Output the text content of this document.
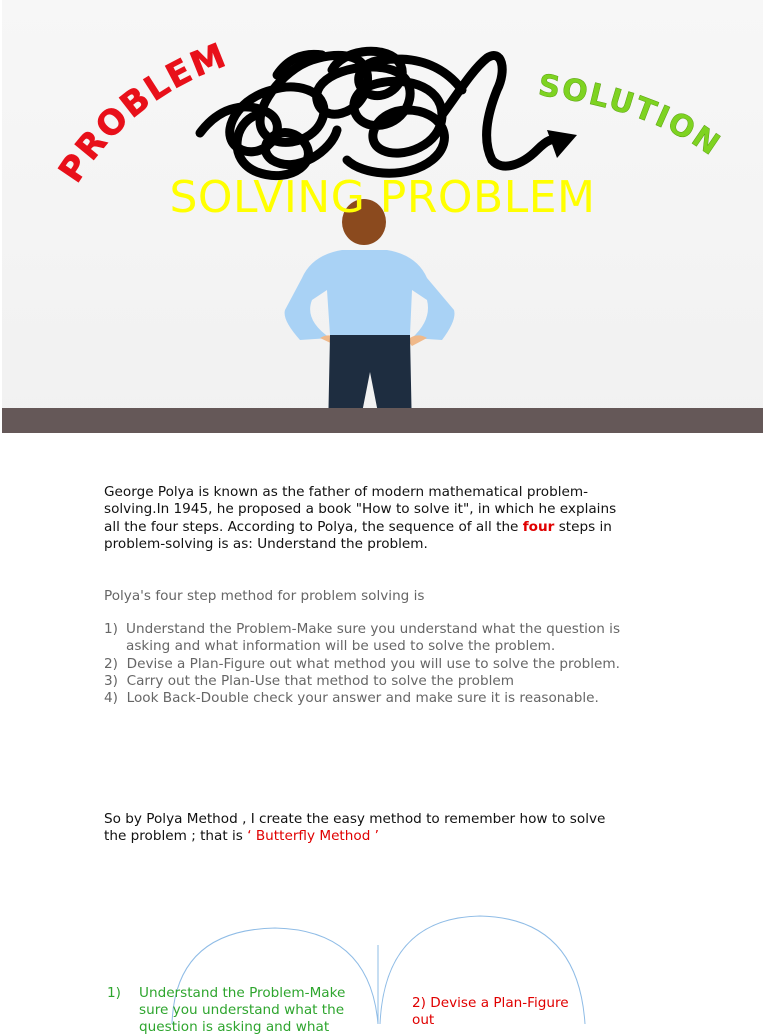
PROBLEM
SOLUTION
SOLVING PROBLEM
George Polya is known as the father of modern mathematical problem-solving.In 1945, he proposed a book "How to solve it", in which he explains all the four steps. According to Polya, the sequence of all the four steps in problem-solving is as: Understand the problem.
Polya's four step method for problem solving is
1) Understand the Problem-Make sure you understand what the question is asking and what information will be used to solve the problem.
2) Devise a Plan-Figure out what method you will use to solve the problem.
3) Carry out the Plan-Use that method to solve the problem
4) Look Back-Double check your answer and make sure it is reasonable.
So by Polya Method , I create the easy method to remember how to solve the problem ; that is ‘ Butterfly Method ’
1)	Understand the Problem-Make sure you understand what the question is asking and what
2) Devise a Plan-Figure out
